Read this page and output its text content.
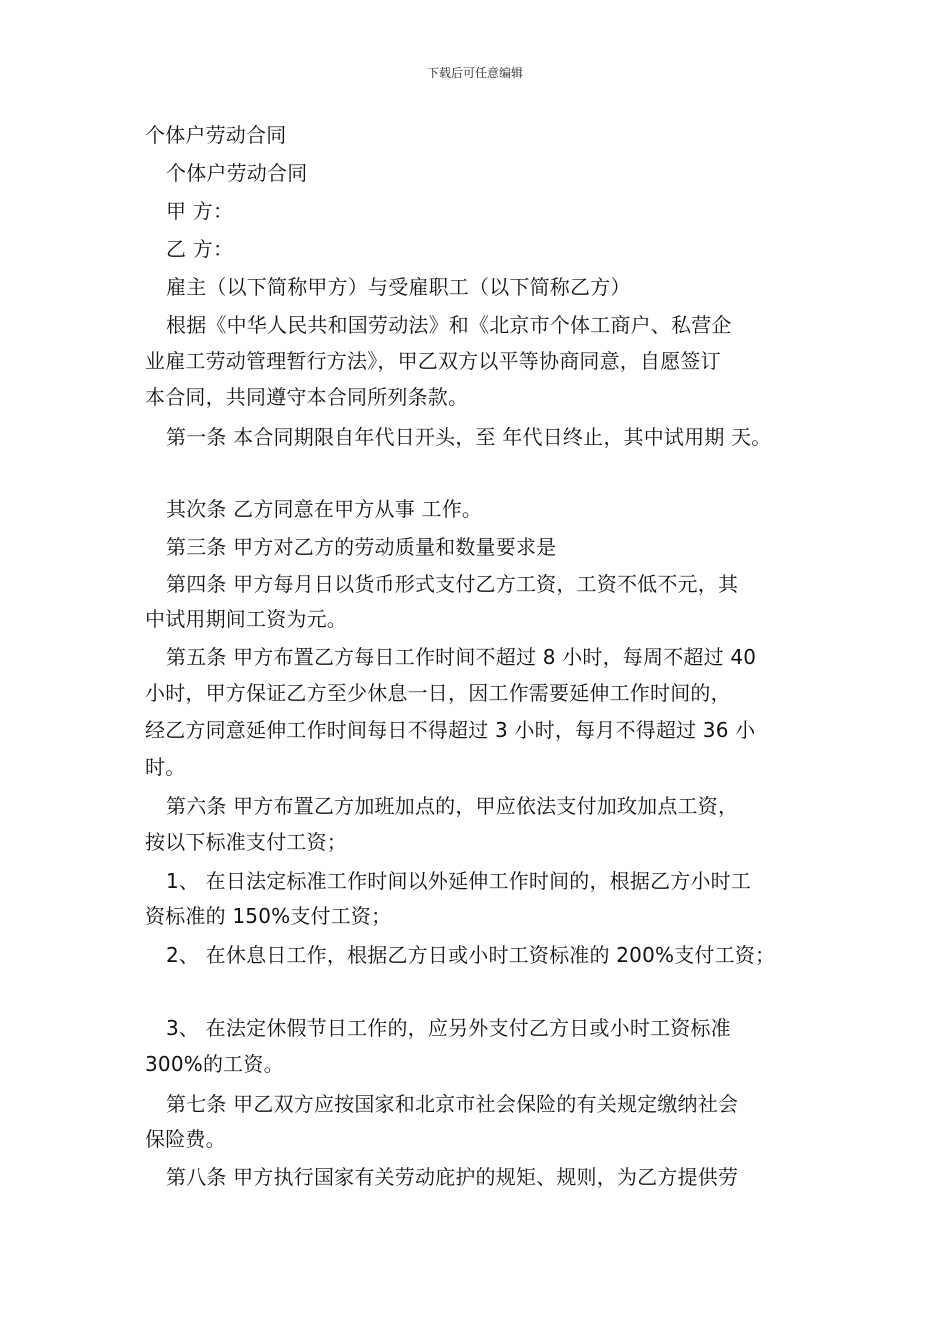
下载后可任意编辑
个体户劳动合同
个体户劳动合同
甲 方：
乙 方：
雇主（以下简称甲方）与受雇职工（以下简称乙方）
根据《中华人民共和国劳动法》和《北京市个体工商户、私营企
业雇工劳动管理暂行方法》，甲乙双方以平等协商同意，自愿签订
本合同，共同遵守本合同所列条款。
第一条 本合同期限自年代日开头，至 年代日终止，其中试用期 天。
其次条 乙方同意在甲方从事 工作。
第三条 甲方对乙方的劳动质量和数量要求是
第四条 甲方每月日以货币形式支付乙方工资，工资不低不元，其
中试用期间工资为元。
第五条 甲方布置乙方每日工作时间不超过 8 小时，每周不超过 40
小时，甲方保证乙方至少休息一日，因工作需要延伸工作时间的，
经乙方同意延伸工作时间每日不得超过 3 小时，每月不得超过 36 小
时。
第六条 甲方布置乙方加班加点的，甲应依法支付加玫加点工资，
按以下标准支付工资；
1、 在日法定标准工作时间以外延伸工作时间的，根据乙方小时工
资标准的 150%支付工资；
2、 在休息日工作，根据乙方日或小时工资标准的 200%支付工资；
3、 在法定休假节日工作的，应另外支付乙方日或小时工资标准
300%的工资。
第七条 甲乙双方应按国家和北京市社会保险的有关规定缴纳社会
保险费。
第八条 甲方执行国家有关劳动庇护的规矩、规则，为乙方提供劳
